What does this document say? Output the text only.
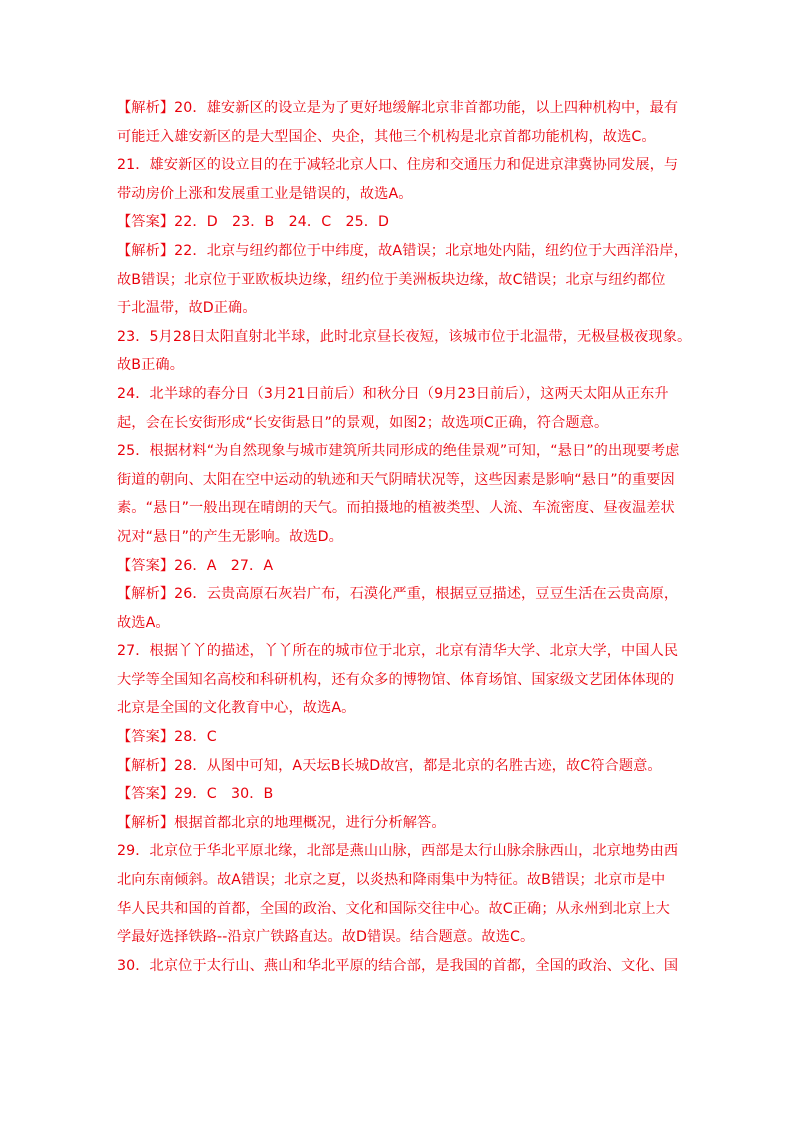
【解析】20．雄安新区的设立是为了更好地缓解北京非首都功能，以上四种机构中，最有
可能迁入雄安新区的是大型国企、央企，其他三个机构是北京首都功能机构，故选C。
21．雄安新区的设立目的在于减轻北京人口、住房和交通压力和促进京津冀协同发展，与
带动房价上涨和发展重工业是错误的，故选A。
【答案】22．D　23．B　24．C　25．D
【解析】22．北京与纽约都位于中纬度，故A错误；北京地处内陆，纽约位于大西洋沿岸，
故B错误；北京位于亚欧板块边缘，纽约位于美洲板块边缘，故C错误；北京与纽约都位
于北温带，故D正确。
23．5月28日太阳直射北半球，此时北京昼长夜短，该城市位于北温带，无极昼极夜现象。
故B正确。
24．北半球的春分日（3月21日前后）和秋分日（9月23日前后），这两天太阳从正东升
起，会在长安街形成“长安街悬日”的景观，如图2；故选项C正确，符合题意。
25．根据材料“为自然现象与城市建筑所共同形成的绝佳景观”可知，“悬日”的出现要考虑
街道的朝向、太阳在空中运动的轨迹和天气阴晴状况等，这些因素是影响“悬日”的重要因
素。“悬日”一般出现在晴朗的天气。而拍摄地的植被类型、人流、车流密度、昼夜温差状
况对“悬日”的产生无影响。故选D。
【答案】26．A　27．A
【解析】26．云贵高原石灰岩广布，石漠化严重，根据豆豆描述，豆豆生活在云贵高原，
故选A。
27．根据丫丫的描述，丫丫所在的城市位于北京，北京有清华大学、北京大学，中国人民
大学等全国知名高校和科研机构，还有众多的博物馆、体育场馆、国家级文艺团体体现的
北京是全国的文化教育中心，故选A。
【答案】28．C
【解析】28．从图中可知，A天坛B长城D故宫，都是北京的名胜古迹，故C符合题意。
【答案】29．C　30．B
【解析】根据首都北京的地理概况，进行分析解答。
29．北京位于华北平原北缘，北部是燕山山脉，西部是太行山脉余脉西山，北京地势由西
北向东南倾斜。故A错误；北京之夏，以炎热和降雨集中为特征。故B错误；北京市是中
华人民共和国的首都，全国的政治、文化和国际交往中心。故C正确；从永州到北京上大
学最好选择铁路--沿京广铁路直达。故D错误。结合题意。故选C。
30．北京位于太行山、燕山和华北平原的结合部，是我国的首都，全国的政治、文化、国
